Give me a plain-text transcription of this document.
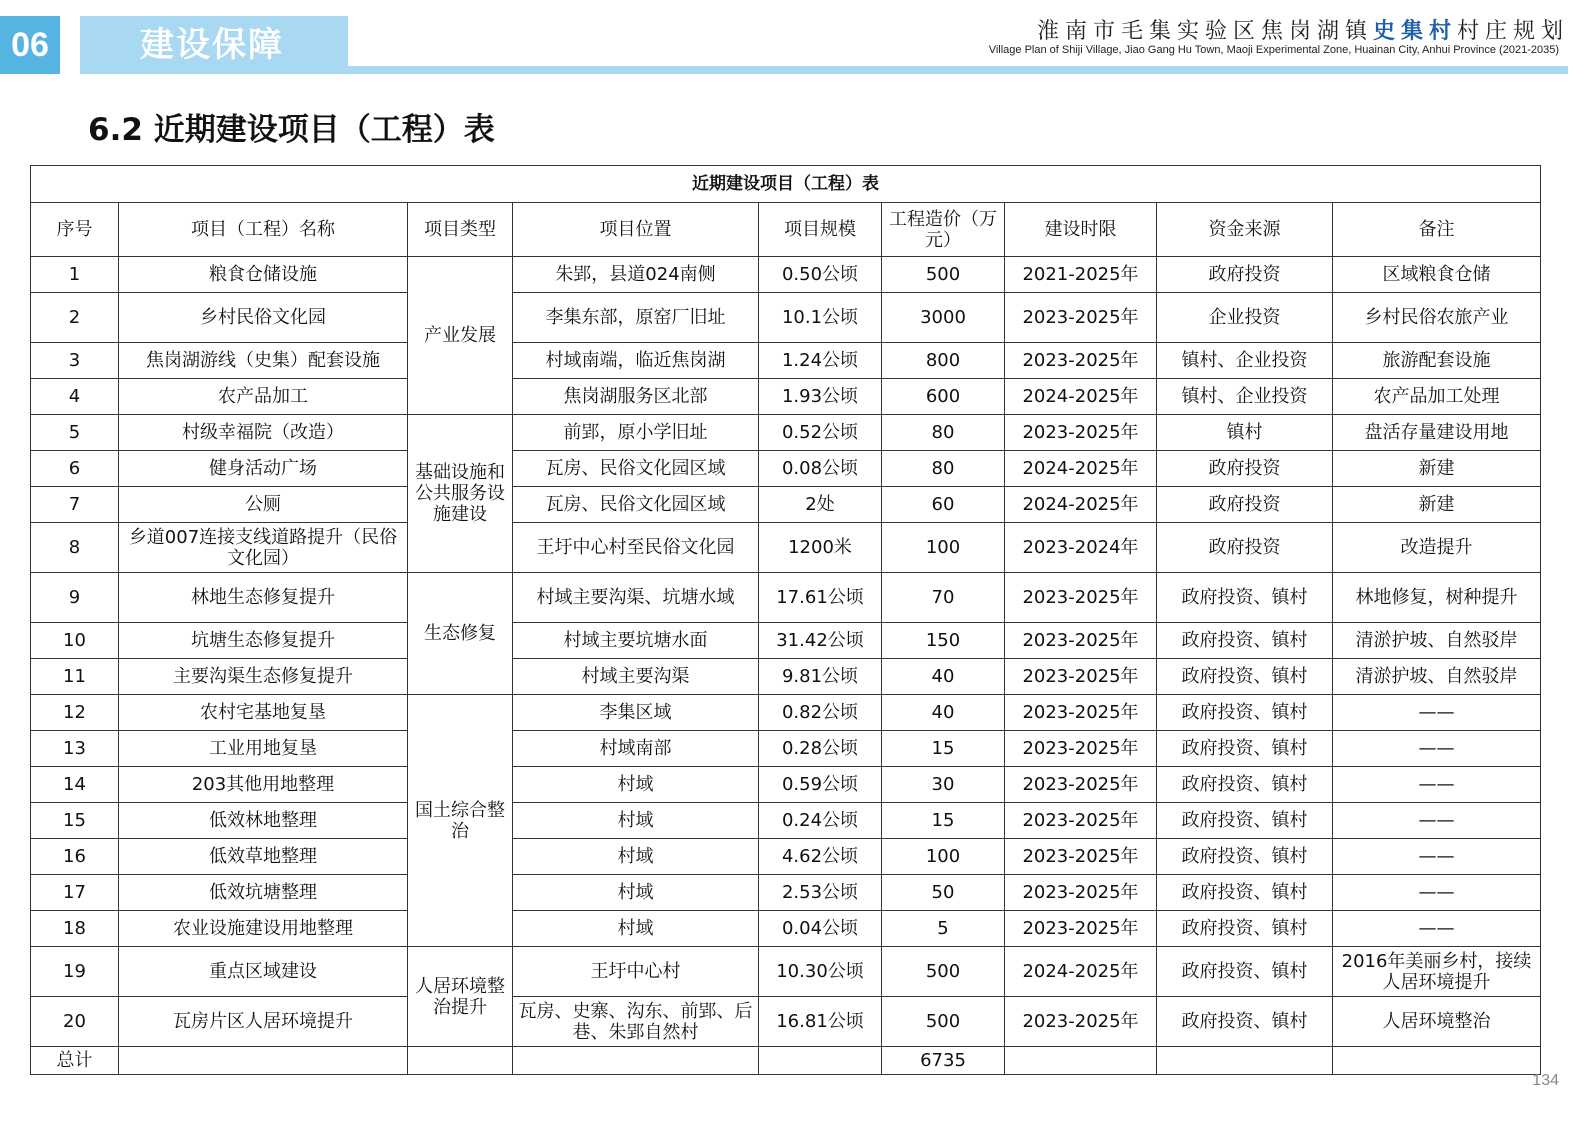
06	建设保障	淮南市毛集实验区焦岗湖镇史集村村庄规划
Village Plan of Shiji Village, Jiao Gang Hu Town, Maoji Experimental Zone, Huainan City, Anhui Province (2021-2035)
6.2 近期建设项目（工程）表
近期建设项目（工程）表								
序号	项目（工程）名称	项目类型	项目位置	项目规模	工程造价（万元）	建设时限	资金来源	备注
1	粮食仓储设施	产业发展	朱郢，县道024南侧	0.50公顷	500	2021-2025年	政府投资	区域粮食仓储
2	乡村民俗文化园		李集东部，原窑厂旧址	10.1公顷	3000	2023-2025年	企业投资	乡村民俗农旅产业
3	焦岗湖游线（史集）配套设施		村域南端，临近焦岗湖	1.24公顷	800	2023-2025年	镇村、企业投资	旅游配套设施
4	农产品加工		焦岗湖服务区北部	1.93公顷	600	2024-2025年	镇村、企业投资	农产品加工处理
5	村级幸福院（改造）	基础设施和公共服务设施建设	前郢，原小学旧址	0.52公顷	80	2023-2025年	镇村	盘活存量建设用地
6	健身活动广场		瓦房、民俗文化园区域	0.08公顷	80	2024-2025年	政府投资	新建
7	公厕		瓦房、民俗文化园区域	2处	60	2024-2025年	政府投资	新建
8	乡道007连接支线道路提升（民俗文化园）		王圩中心村至民俗文化园	1200米	100	2023-2024年	政府投资	改造提升
9	林地生态修复提升	生态修复	村域主要沟渠、坑塘水域	17.61公顷	70	2023-2025年	政府投资、镇村	林地修复，树种提升
10	坑塘生态修复提升		村域主要坑塘水面	31.42公顷	150	2023-2025年	政府投资、镇村	清淤护坡、自然驳岸
11	主要沟渠生态修复提升		村域主要沟渠	9.81公顷	40	2023-2025年	政府投资、镇村	清淤护坡、自然驳岸
12	农村宅基地复垦	国土综合整治	李集区域	0.82公顷	40	2023-2025年	政府投资、镇村	——
13	工业用地复垦		村域南部	0.28公顷	15	2023-2025年	政府投资、镇村	——
14	203其他用地整理		村域	0.59公顷	30	2023-2025年	政府投资、镇村	——
15	低效林地整理		村域	0.24公顷	15	2023-2025年	政府投资、镇村	——
16	低效草地整理		村域	4.62公顷	100	2023-2025年	政府投资、镇村	——
17	低效坑塘整理		村域	2.53公顷	50	2023-2025年	政府投资、镇村	——
18	农业设施建设用地整理		村域	0.04公顷	5	2023-2025年	政府投资、镇村	——
19	重点区域建设	人居环境整治提升	王圩中心村	10.30公顷	500	2024-2025年	政府投资、镇村	2016年美丽乡村，接续人居环境提升
20	瓦房片区人居环境提升		瓦房、史寨、沟东、前郢、后巷、朱郢自然村	16.81公顷	500	2023-2025年	政府投资、镇村	人居环境整治
总计					6735			
134
